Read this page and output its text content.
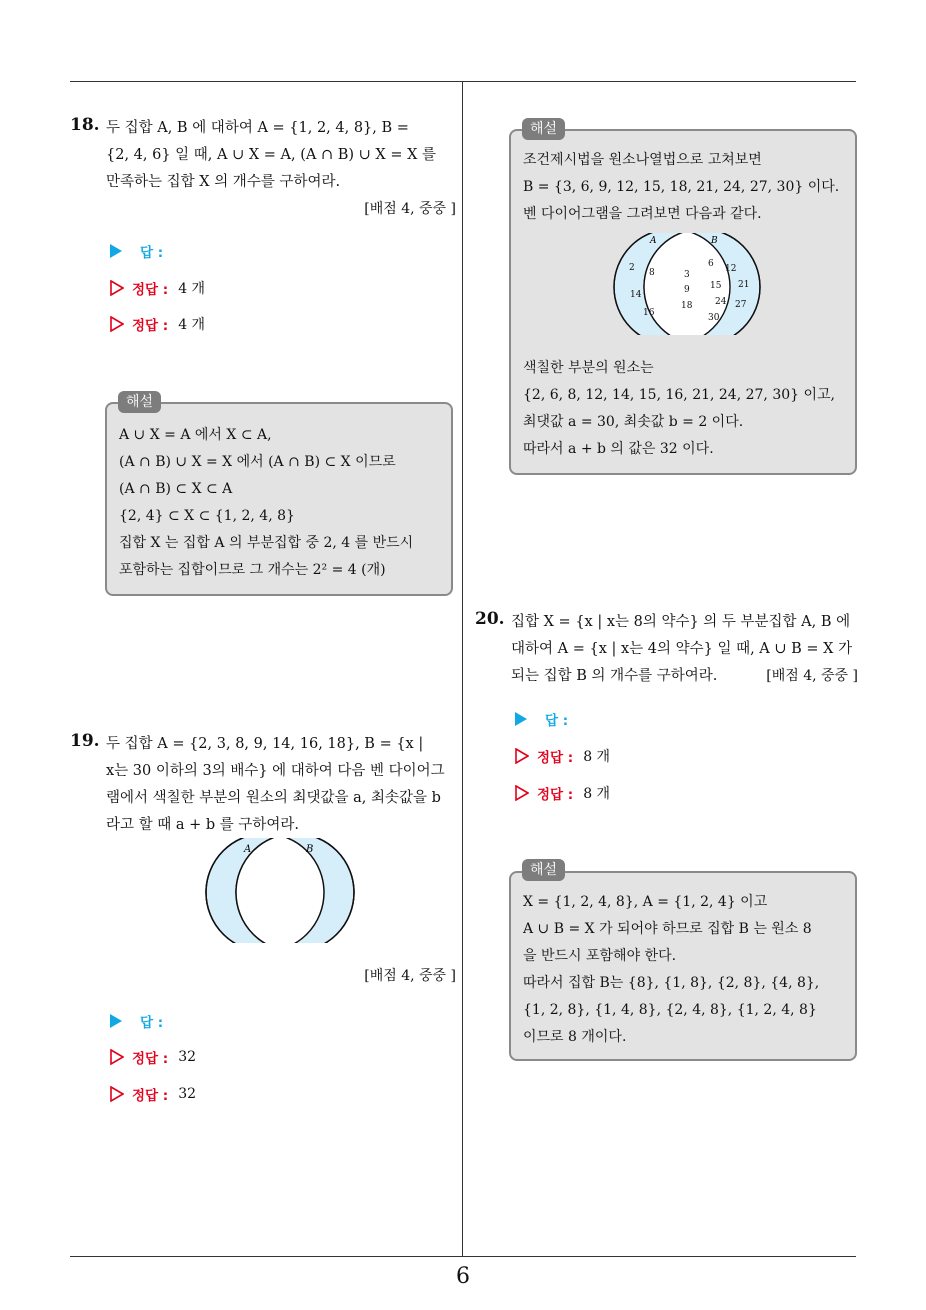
6
18. 두 집합 A, B 에 대하여 A = {1, 2, 4, 8}, B =
{2, 4, 6} 일 때, A ∪ X = A, (A ∩ B) ∪ X = X 를
만족하는 집합 X 의 개수를 구하여라.
[배점 4, 중중 ]
답 :
정답 : 4 개
정답 : 4 개
A ∪ X = A 에서 X ⊂ A,
(A ∩ B) ∪ X = X 에서 (A ∩ B) ⊂ X 이므로
(A ∩ B) ⊂ X ⊂ A
{2, 4} ⊂ X ⊂ {1, 2, 4, 8}
집합 X 는 집합 A 의 부분집합 중 2, 4 를 반드시
포함하는 집합이므로 그 개수는 2² = 4 (개)
해설
19. 두 집합 A = {2, 3, 8, 9, 14, 16, 18}, B = {x |
x는 30 이하의 3의 배수} 에 대하여 다음 벤 다이어그
램에서 색칠한 부분의 원소의 최댓값을 a, 최솟값을 b
라고 할 때 a + b 를 구하여라.
A	B
[배점 4, 중중 ]
답 :
정답 : 32
정답 : 32
조건제시법을 원소나열법으로 고쳐보면
B = {3, 6, 9, 12, 15, 18, 21, 24, 27, 30} 이다.
벤 다이어그램을 그려보면 다음과 같다.
A	B
2 8
14
16
3
9
18
6 12
15 21
24 27
30
색칠한 부분의 원소는
{2, 6, 8, 12, 14, 15, 16, 21, 24, 27, 30} 이고,
최댓값 a = 30, 최솟값 b = 2 이다.
따라서 a + b 의 값은 32 이다.
해설
20. 집합 X = {x | x는 8의 약수} 의 두 부분집합 A, B 에
대하여 A = {x | x는 4의 약수} 일 때, A ∪ B = X 가
되는 집합 B 의 개수를 구하여라.	[배점 4, 중중 ]
답 :
정답 : 8 개
정답 : 8 개
X = {1, 2, 4, 8}, A = {1, 2, 4} 이고
A ∪ B = X 가 되어야 하므로 집합 B 는 원소 8
을 반드시 포함해야 한다.
따라서 집합 B는 {8}, {1, 8}, {2, 8}, {4, 8},
{1, 2, 8}, {1, 4, 8}, {2, 4, 8}, {1, 2, 4, 8}
이므로 8 개이다.
해설
